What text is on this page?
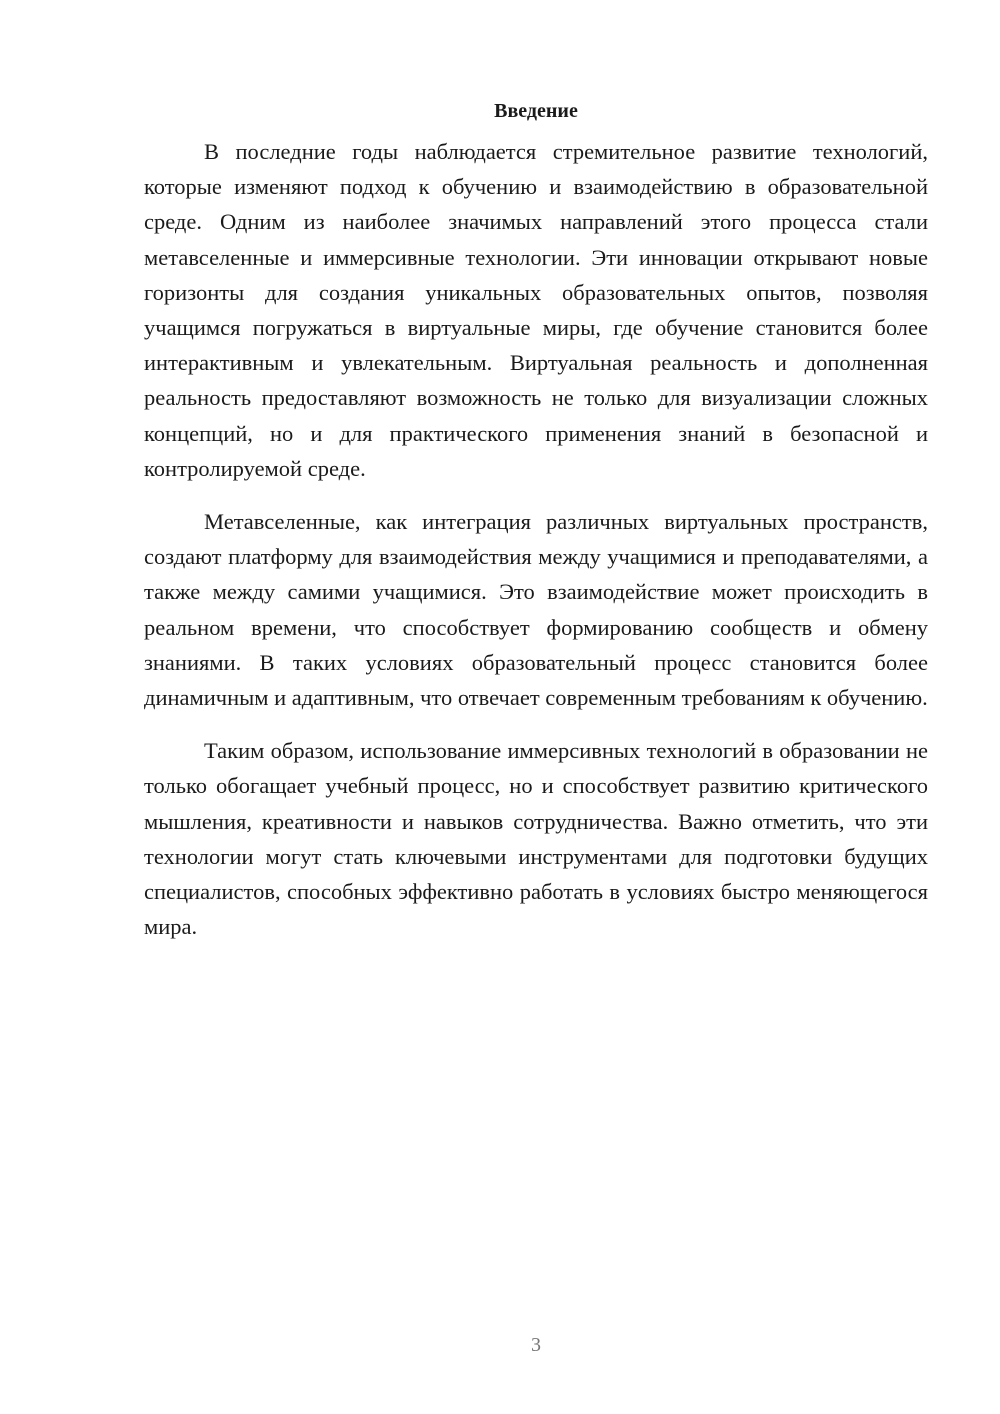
Введение

В последние годы наблюдается стремительное развитие технологий, которые изменяют подход к обучению и взаимодействию в образовательной среде. Одним из наиболее значимых направлений этого процесса стали метавселенные и иммерсивные технологии. Эти инновации открывают новые горизонты для создания уникальных образовательных опытов, позволяя учащимся погружаться в виртуальные миры, где обучение становится более интерактивным и увлекательным. Виртуальная реальность и дополненная реальность предоставляют возможность не только для визуализации сложных концепций, но и для практического применения знаний в безопасной и контролируемой среде.

Метавселенные, как интеграция различных виртуальных пространств, создают платформу для взаимодействия между учащимися и преподавателями, а также между самими учащимися. Это взаимодействие может происходить в реальном времени, что способствует формированию сообществ и обмену знаниями. В таких условиях образовательный процесс становится более динамичным и адаптивным, что отвечает современным требованиям к обучению.

Таким образом, использование иммерсивных технологий в образовании не только обогащает учебный процесс, но и способствует развитию критического мышления, креативности и навыков сотрудничества. Важно отметить, что эти технологии могут стать ключевыми инструментами для подготовки будущих специалистов, способных эффективно работать в условиях быстро меняющегося мира.

3
